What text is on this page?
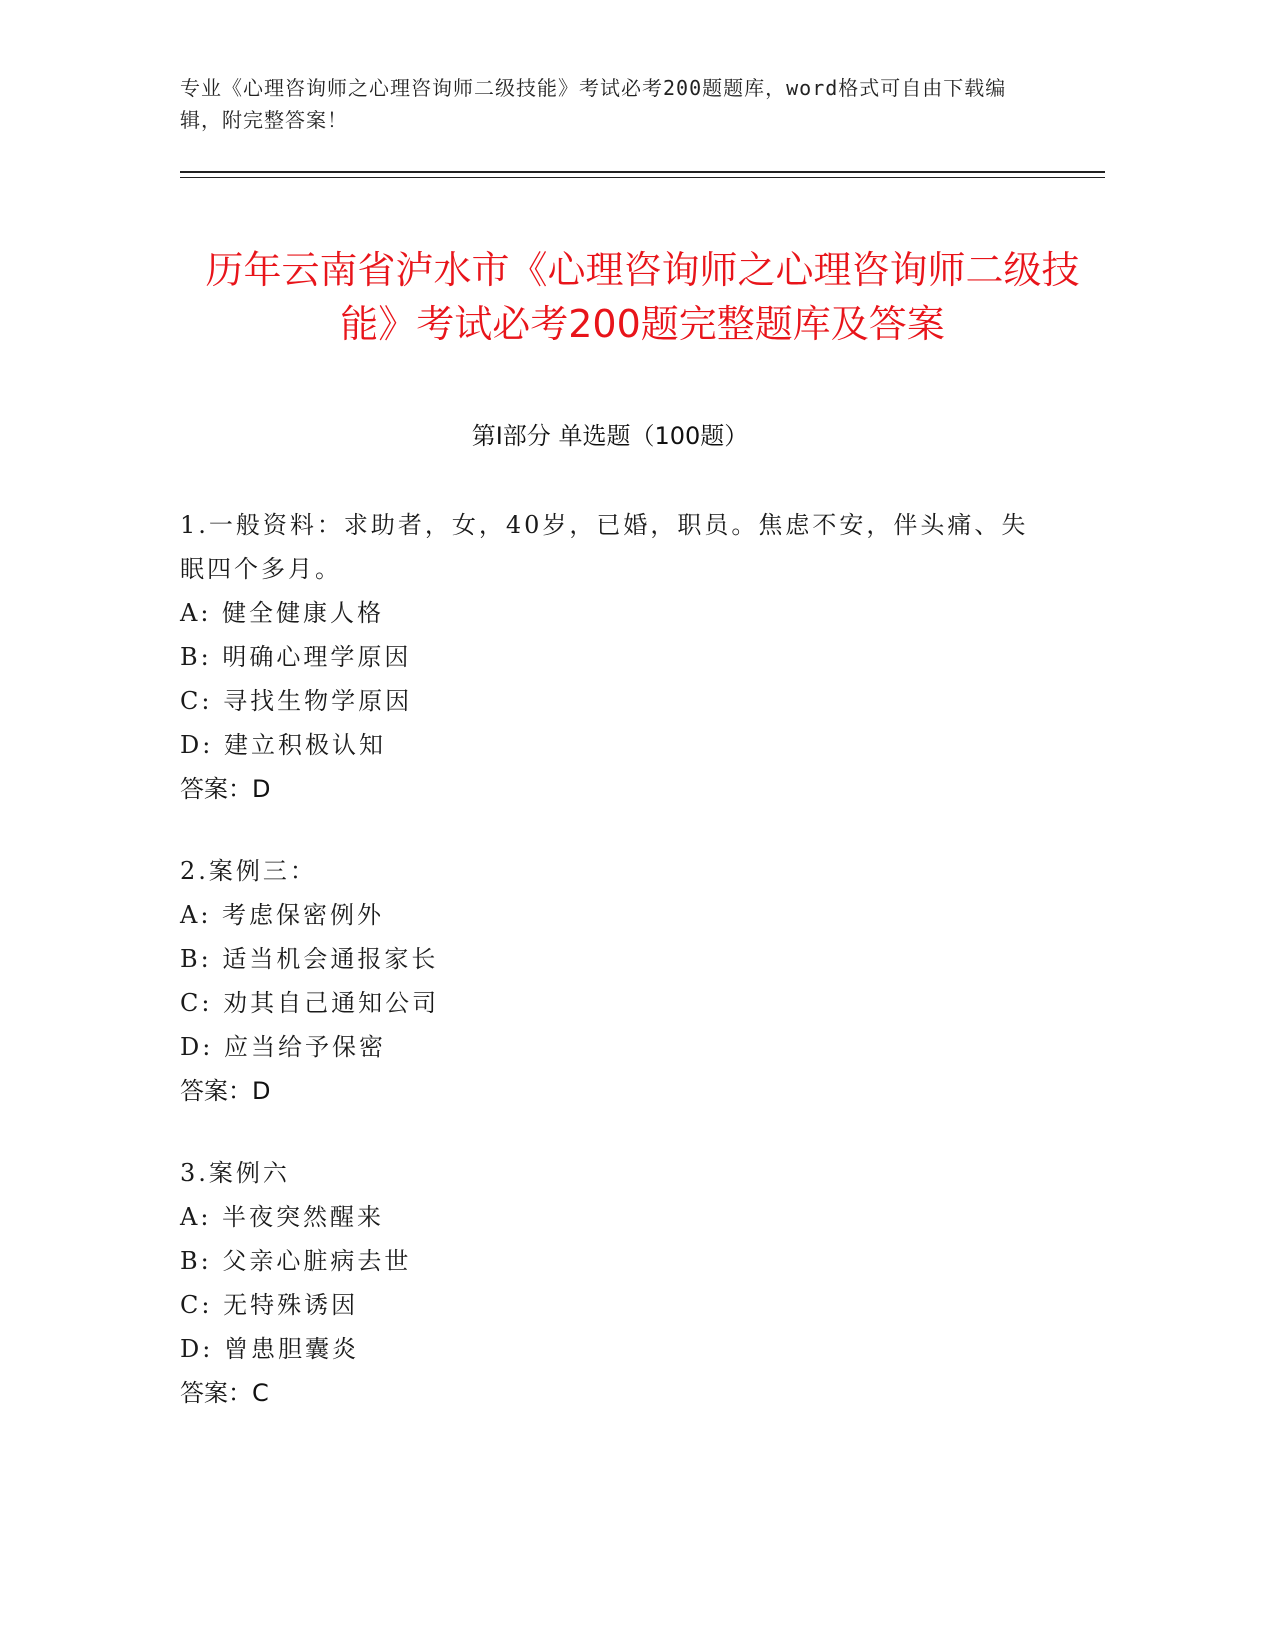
专业《心理咨询师之心理咨询师二级技能》考试必考200题题库，word格式可自由下载编辑，附完整答案！
历年云南省泸水市《心理咨询师之心理咨询师二级技能》考试必考200题完整题库及答案
第I部分 单选题（100题）
1.一般资料：求助者，女，40岁，已婚，职员。焦虑不安，伴头痛、失眠四个多月。
A: 健全健康人格
B: 明确心理学原因
C: 寻找生物学原因
D: 建立积极认知
答案：D
2.案例三：
A: 考虑保密例外
B: 适当机会通报家长
C: 劝其自己通知公司
D: 应当给予保密
答案：D
3.案例六
A: 半夜突然醒来
B: 父亲心脏病去世
C: 无特殊诱因
D: 曾患胆囊炎
答案：C
